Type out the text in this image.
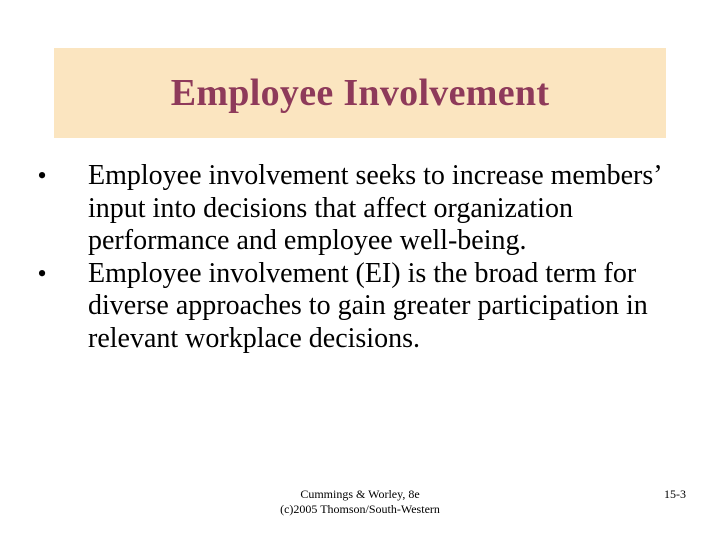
Employee Involvement
• Employee involvement seeks to increase members’ input into decisions that affect organization performance and employee well-being.
• Employee involvement (EI) is the broad term for diverse approaches to gain greater participation in relevant workplace decisions.
Cummings & Worley, 8e
(c)2005 Thomson/South-Western
15-3
